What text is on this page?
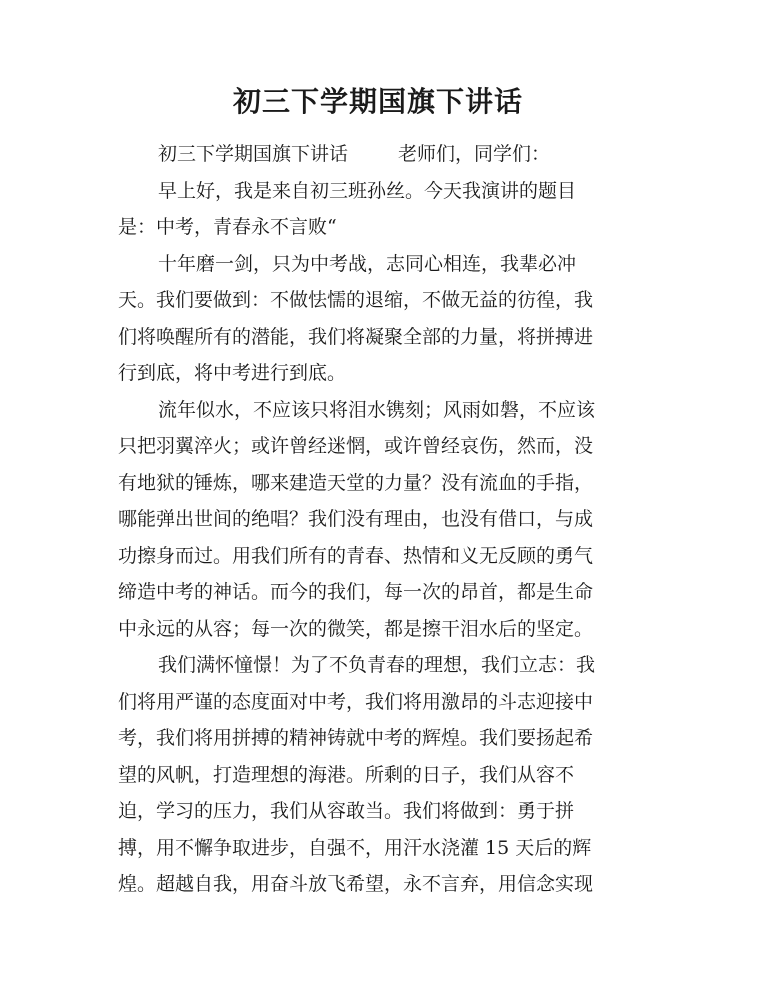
初三下学期国旗下讲话

初三下学期国旗下讲话	老师们，同学们：

早上好，我是来自初三班孙丝。今天我演讲的题目
是：中考，青春永不言败“

十年磨一剑，只为中考战，志同心相连，我辈必冲
天。我们要做到：不做怯懦的退缩，不做无益的彷徨，我
们将唤醒所有的潜能，我们将凝聚全部的力量，将拼搏进
行到底，将中考进行到底。

流年似水，不应该只将泪水镌刻；风雨如磐，不应该
只把羽翼淬火；或许曾经迷惘，或许曾经哀伤，然而，没
有地狱的锤炼，哪来建造天堂的力量？没有流血的手指，
哪能弹出世间的绝唱？我们没有理由，也没有借口，与成
功擦身而过。用我们所有的青春、热情和义无反顾的勇气
缔造中考的神话。而今的我们，每一次的昂首，都是生命
中永远的从容；每一次的微笑，都是擦干泪水后的坚定。

我们满怀憧憬！为了不负青春的理想，我们立志：我
们将用严谨的态度面对中考，我们将用激昂的斗志迎接中
考，我们将用拼搏的精神铸就中考的辉煌。我们要扬起希
望的风帆，打造理想的海港。所剩的日子，我们从容不
迫，学习的压力，我们从容敢当。我们将做到：勇于拼
搏，用不懈争取进步，自强不，用汗水浇灌 15 天后的辉
煌。超越自我，用奋斗放飞希望，永不言弃，用信念实现
